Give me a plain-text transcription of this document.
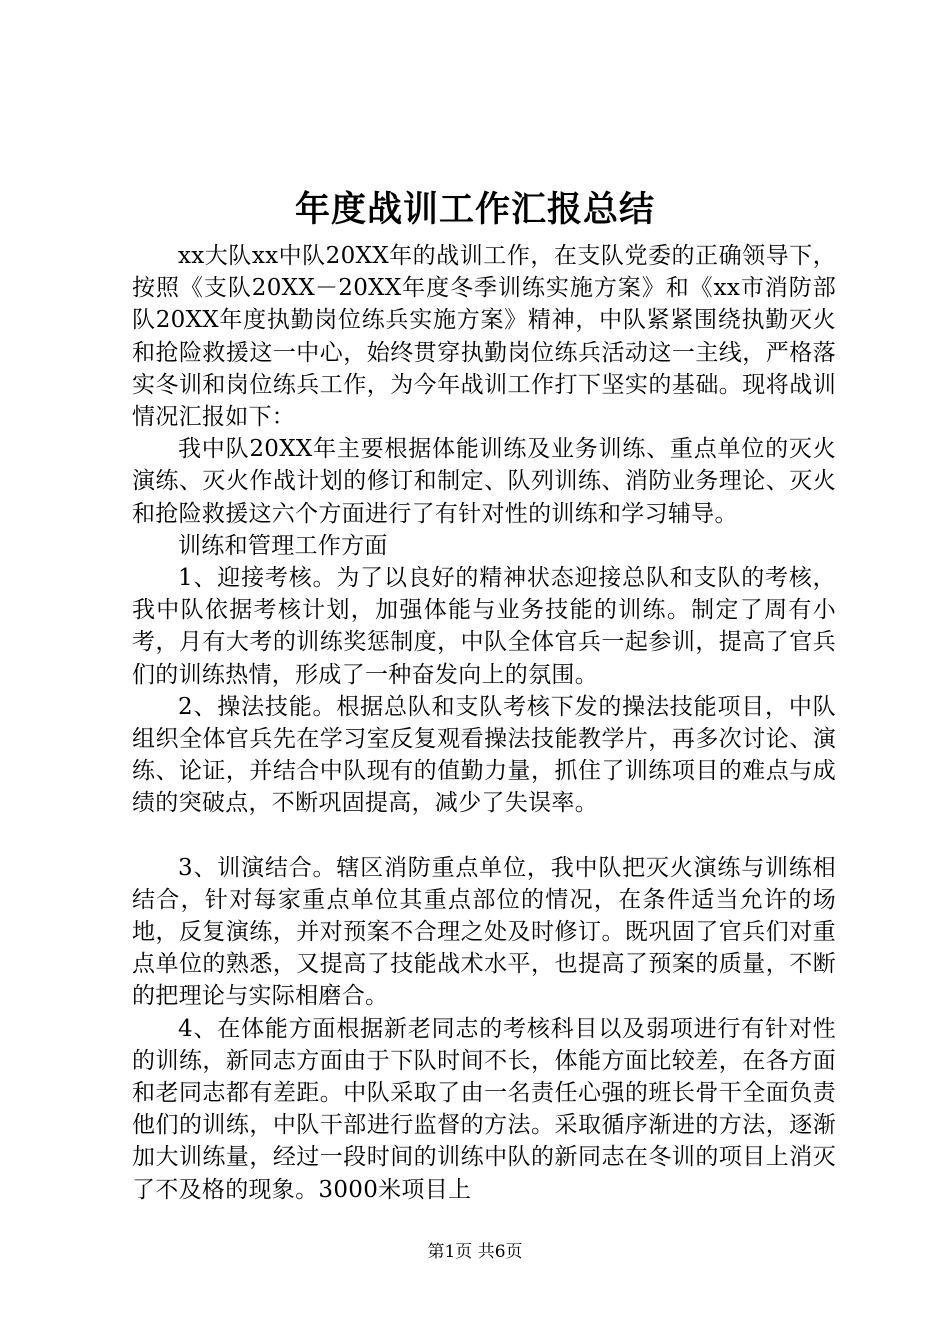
年度战训工作汇报总结

xx大队xx中队20XX年的战训工作，在支队党委的正确领导下，按照《支队20XX－20XX年度冬季训练实施方案》和《xx市消防部队20XX年度执勤岗位练兵实施方案》精神，中队紧紧围绕执勤灭火和抢险救援这一中心，始终贯穿执勤岗位练兵活动这一主线，严格落实冬训和岗位练兵工作，为今年战训工作打下坚实的基础。现将战训情况汇报如下：

我中队20XX年主要根据体能训练及业务训练、重点单位的灭火演练、灭火作战计划的修订和制定、队列训练、消防业务理论、灭火和抢险救援这六个方面进行了有针对性的训练和学习辅导。

训练和管理工作方面

1、迎接考核。为了以良好的精神状态迎接总队和支队的考核，我中队依据考核计划，加强体能与业务技能的训练。制定了周有小考，月有大考的训练奖惩制度，中队全体官兵一起参训，提高了官兵们的训练热情，形成了一种奋发向上的氛围。

2、操法技能。根据总队和支队考核下发的操法技能项目，中队组织全体官兵先在学习室反复观看操法技能教学片，再多次讨论、演练、论证，并结合中队现有的值勤力量，抓住了训练项目的难点与成绩的突破点，不断巩固提高，减少了失误率。

3、训演结合。辖区消防重点单位，我中队把灭火演练与训练相结合，针对每家重点单位其重点部位的情况，在条件适当允许的场地，反复演练，并对预案不合理之处及时修订。既巩固了官兵们对重点单位的熟悉，又提高了技能战术水平，也提高了预案的质量，不断的把理论与实际相磨合。

4、在体能方面根据新老同志的考核科目以及弱项进行有针对性的训练，新同志方面由于下队时间不长，体能方面比较差，在各方面和老同志都有差距。中队采取了由一名责任心强的班长骨干全面负责他们的训练，中队干部进行监督的方法。采取循序渐进的方法，逐渐加大训练量，经过一段时间的训练中队的新同志在冬训的项目上消灭了不及格的现象。3000米项目上

第1页 共6页
